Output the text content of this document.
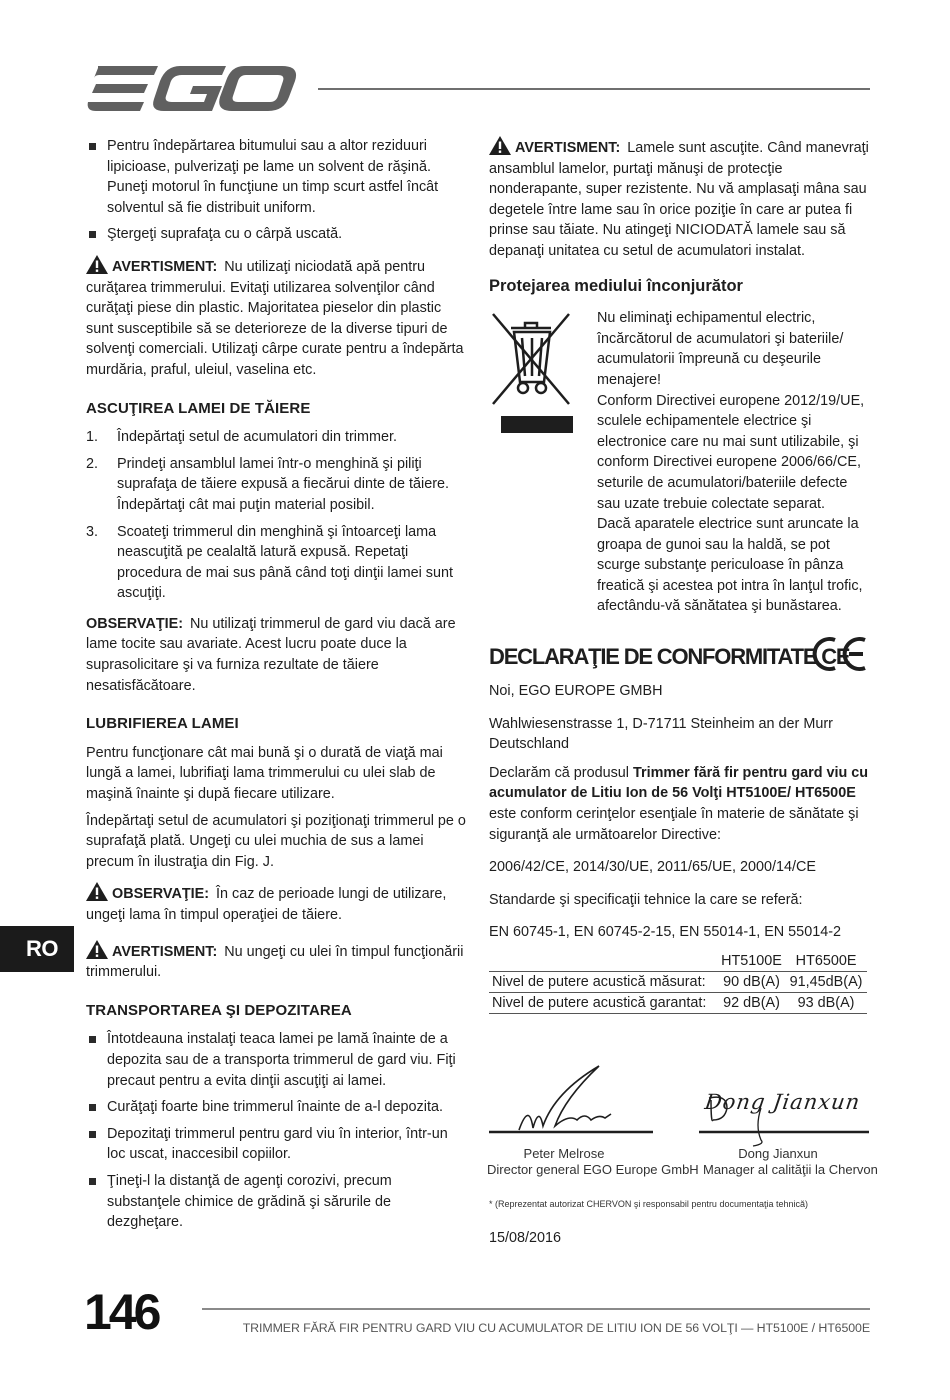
Pentru îndepărtarea bitumului sau a altor reziduuri lipicioase, pulverizaţi pe lame un solvent de răşină. Puneţi motorul în funcţiune un timp scurt astfel încât solventul să fie distribuit uniform.
Ştergeţi suprafaţa cu o cârpă uscată.

AVERTISMENT: Nu utilizaţi niciodată apă pentru curăţarea trimmerului. Evitaţi utilizarea solvenţilor când curăţaţi piese din plastic. Majoritatea pieselor din plastic sunt susceptibile să se deterioreze de la diverse tipuri de solvenţi comerciali. Utilizaţi cârpe curate pentru a îndepărta murdăria, praful, uleiul, vaselina etc.

ASCUŢIREA LAMEI DE TĂIERE
1. Îndepărtaţi setul de acumulatori din trimmer.
2. Prindeţi ansamblul lamei într-o menghină şi piliţi suprafaţa de tăiere expusă a fiecărui dinte de tăiere. Îndepărtaţi cât mai puţin material posibil.
3. Scoateţi trimmerul din menghină şi întoarceţi lama neascuţită pe cealaltă latură expusă. Repetaţi procedura de mai sus până când toţi dinţii lamei sunt ascuţiţi.

OBSERVAŢIE: Nu utilizaţi trimmerul de gard viu dacă are lame tocite sau avariate. Acest lucru poate duce la suprasolicitare şi va furniza rezultate de tăiere nesatisfăcătoare.

LUBRIFIEREA LAMEI

Pentru funcţionare cât mai bună şi o durată de viaţă mai lungă a lamei, lubrifiaţi lama trimmerului cu ulei slab de maşină înainte şi după fiecare utilizare.

Îndepărtaţi setul de acumulatori şi poziţionaţi trimmerul pe o suprafaţă plată. Ungeţi cu ulei muchia de sus a lamei precum în ilustraţia din Fig. J.

OBSERVAŢIE: În caz de perioade lungi de utilizare, ungeţi lama în timpul operaţiei de tăiere.

AVERTISMENT: Nu ungeţi cu ulei în timpul funcţionării trimmerului.

TRANSPORTAREA ŞI DEPOZITAREA
Întotdeauna instalaţi teaca lamei pe lamă înainte de a depozita sau de a transporta trimmerul de gard viu. Fiţi precaut pentru a evita dinţii ascuţiţi ai lamei.
Curăţaţi foarte bine trimmerul înainte de a-l depozita.
Depozitaţi trimmerul pentru gard viu în interior, într-un loc uscat, inaccesibil copiilor.
Ţineţi-l la distanţă de agenţi corozivi, precum substanţele chimice de grădină şi sărurile de dezgheţare.

AVERTISMENT: Lamele sunt ascuţite. Când manevraţi ansamblul lamelor, purtaţi mănuşi de protecţie nonderapante, super rezistente. Nu vă amplasaţi mâna sau degetele între lame sau în orice poziţie în care ar putea fi prinse sau tăiate. Nu atingeţi NICIODATĂ lamele sau să depanaţi unitatea cu setul de acumulatori instalat.

Protejarea mediului înconjurător
Nu eliminaţi echipamentul electric, încărcătorul de acumulatori şi bateriile/ acumulatorii împreună cu deşeurile menajere!
Conform Directivei europene 2012/19/UE, sculele echipamentele electrice şi electronice care nu mai sunt utilizabile, şi conform Directivei europene 2006/66/CE, seturile de acumulatori/bateriile defecte sau uzate trebuie colectate separat.
Dacă aparatele electrice sunt aruncate la groapa de gunoi sau la haldă, se pot scurge substanţe periculoase în pânza freatică şi acestea pot intra în lanţul trofic, afectându-vă sănătatea şi bunăstarea.
DECLARAŢIE DE CONFORMITATE CE

Noi, EGO EUROPE GMBH

Wahlwiesenstrasse 1, D-71711 Steinheim an der Murr Deutschland

Declarăm că produsul Trimmer fără fir pentru gard viu cu acumulator de Litiu Ion de 56 Volţi HT5100E/ HT6500E este conform cerinţelor esenţiale în materie de sănătate şi siguranţă ale următoarelor Directive:

2006/42/CE, 2014/30/UE, 2011/65/UE, 2000/14/CE

Standarde şi specificaţii tehnice la care se referă:

EN 60745-1, EN 60745-2-15, EN 55014-1, EN 55014-2

	HT5100E	HT6500E
Nivel de putere acustică măsurat:	90 dB(A)	91,45dB(A)
Nivel de putere acustică garantat:	92 dB(A)	93 dB(A)
Dong Jianxun
Peter Melrose	Dong Jianxun
Director general EGO Europe GmbH Manager al calităţii la Chervon
* (Reprezentat autorizat CHERVON şi responsabil pentru documentaţia tehnică)
15/08/2016
RO
146	TRIMMER FĂRĂ FIR PENTRU GARD VIU CU ACUMULATOR DE LITIU ION DE 56 VOLŢI — HT5100E / HT6500E
